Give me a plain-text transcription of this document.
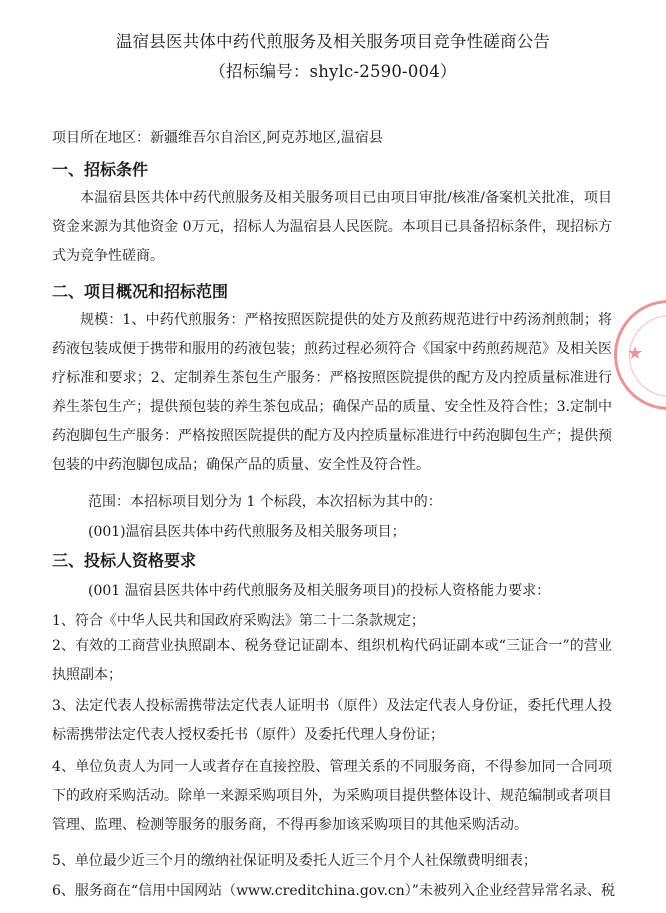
温宿县医共体中药代煎服务及相关服务项目竞争性磋商公告
（招标编号：shylc-2590-004）
项目所在地区：新疆维吾尔自治区,阿克苏地区,温宿县
一、招标条件
本温宿县医共体中药代煎服务及相关服务项目已由项目审批/核准/备案机关批准，项目资金来源为其他资金 0万元，招标人为温宿县人民医院。本项目已具备招标条件，现招标方式为竞争性磋商。
二、项目概况和招标范围
规模：1、中药代煎服务：严格按照医院提供的处方及煎药规范进行中药汤剂煎制；将药液包装成便于携带和服用的药液包装；煎药过程必须符合《国家中药煎药规范》及相关医疗标准和要求；2、定制养生茶包生产服务：严格按照医院提供的配方及内控质量标准进行养生茶包生产；提供预包装的养生茶包成品；确保产品的质量、安全性及符合性；3.定制中药泡脚包生产服务：严格按照医院提供的配方及内控质量标准进行中药泡脚包生产；提供预包装的中药泡脚包成品；确保产品的质量、安全性及符合性。
范围：本招标项目划分为 1 个标段，本次招标为其中的：
(001)温宿县医共体中药代煎服务及相关服务项目；
三、投标人资格要求
(001 温宿县医共体中药代煎服务及相关服务项目)的投标人资格能力要求：
1、符合《中华人民共和国政府采购法》第二十二条款规定；
2、有效的工商营业执照副本、税务登记证副本、组织机构代码证副本或“三证合一”的营业执照副本；
3、法定代表人投标需携带法定代表人证明书（原件）及法定代表人身份证，委托代理人投标需携带法定代表人授权委托书（原件）及委托代理人身份证；
4、单位负责人为同一人或者存在直接控股、管理关系的不同服务商，不得参加同一合同项下的政府采购活动。除单一来源采购项目外，为采购项目提供整体设计、规范编制或者项目管理、监理、检测等服务的服务商，不得再参加该采购项目的其他采购活动。
5、单位最少近三个月的缴纳社保证明及委托人近三个月个人社保缴费明细表；
6、服务商在“信用中国网站（www.creditchina.gov.cn）”未被列入企业经营异常名录、税
★
